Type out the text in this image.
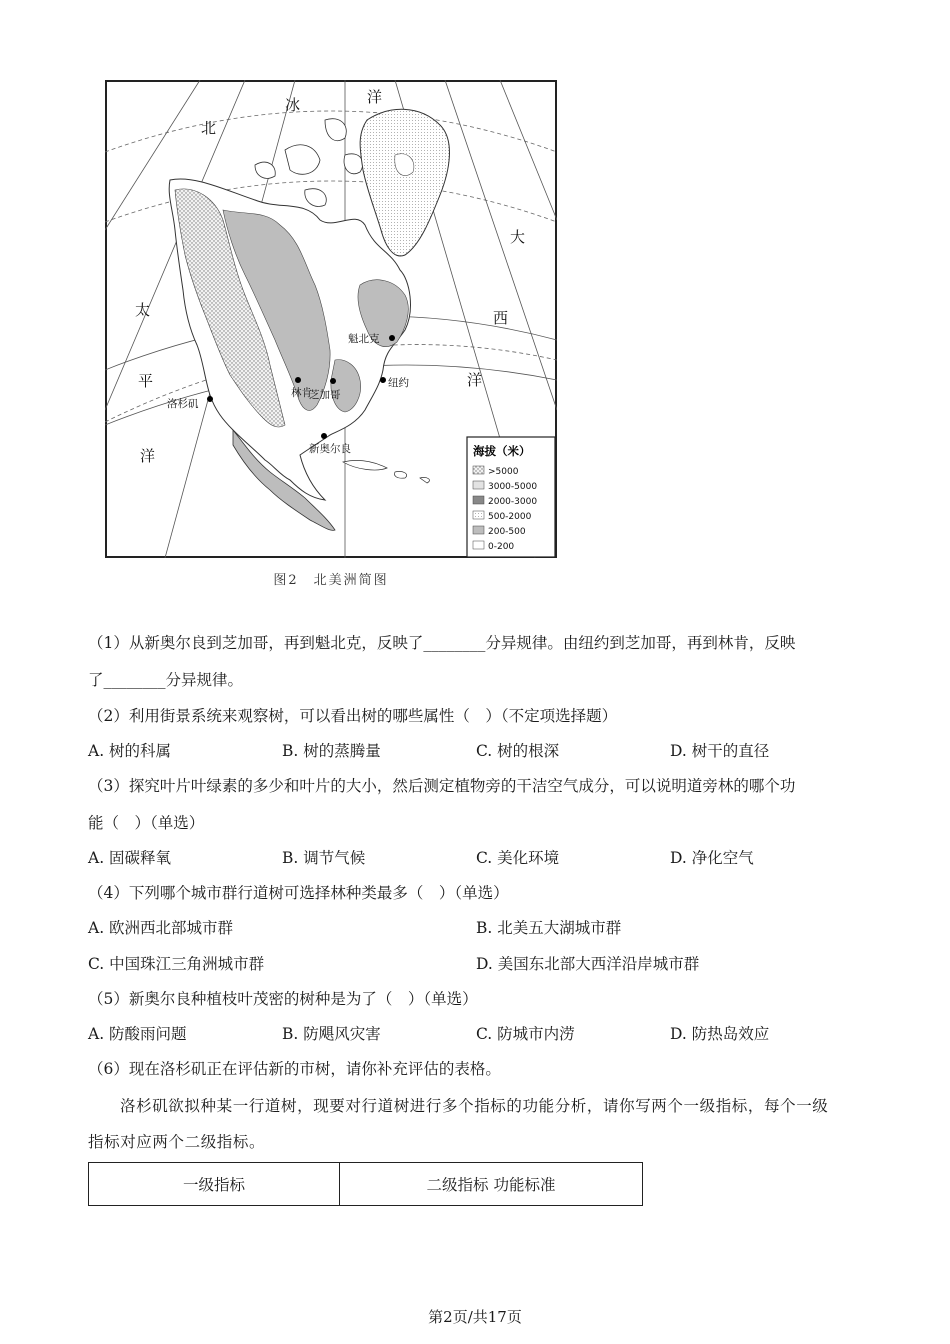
北
冰	洋
大
西
洋
太
平
洋
魁北克
林肯
芝加哥
纽约
洛杉矶
新奥尔良	海拔（米）
>5000
3000-5000
2000-3000
500-2000
200-500
0-200
图2　北美洲简图
（1）从新奥尔良到芝加哥，再到魁北克，反映了________分异规律。由纽约到芝加哥，再到林肯，反映
了________分异规律。
（2）利用街景系统来观察树，可以看出树的哪些属性（　）（不定项选择题）
A. 树的科属	B. 树的蒸腾量	C. 树的根深	D. 树干的直径
（3）探究叶片叶绿素的多少和叶片的大小，然后测定植物旁的干洁空气成分，可以说明道旁林的哪个功
能（　）（单选）
A. 固碳释氧	B. 调节气候	C. 美化环境	D. 净化空气
（4）下列哪个城市群行道树可选择林种类最多（　）（单选）
A. 欧洲西北部城市群	B. 北美五大湖城市群
C. 中国珠江三角洲城市群	D. 美国东北部大西洋沿岸城市群
（5）新奥尔良种植枝叶茂密的树种是为了（　）（单选）
A. 防酸雨问题	B. 防飓风灾害	C. 防城市内涝	D. 防热岛效应
（6）现在洛杉矶正在评估新的市树，请你补充评估的表格。
洛杉矶欲拟种某一行道树，现要对行道树进行多个指标的功能分析，请你写两个一级指标，每个一级
指标对应两个二级指标。
一级指标	二级指标 功能标准
第2页/共17页
